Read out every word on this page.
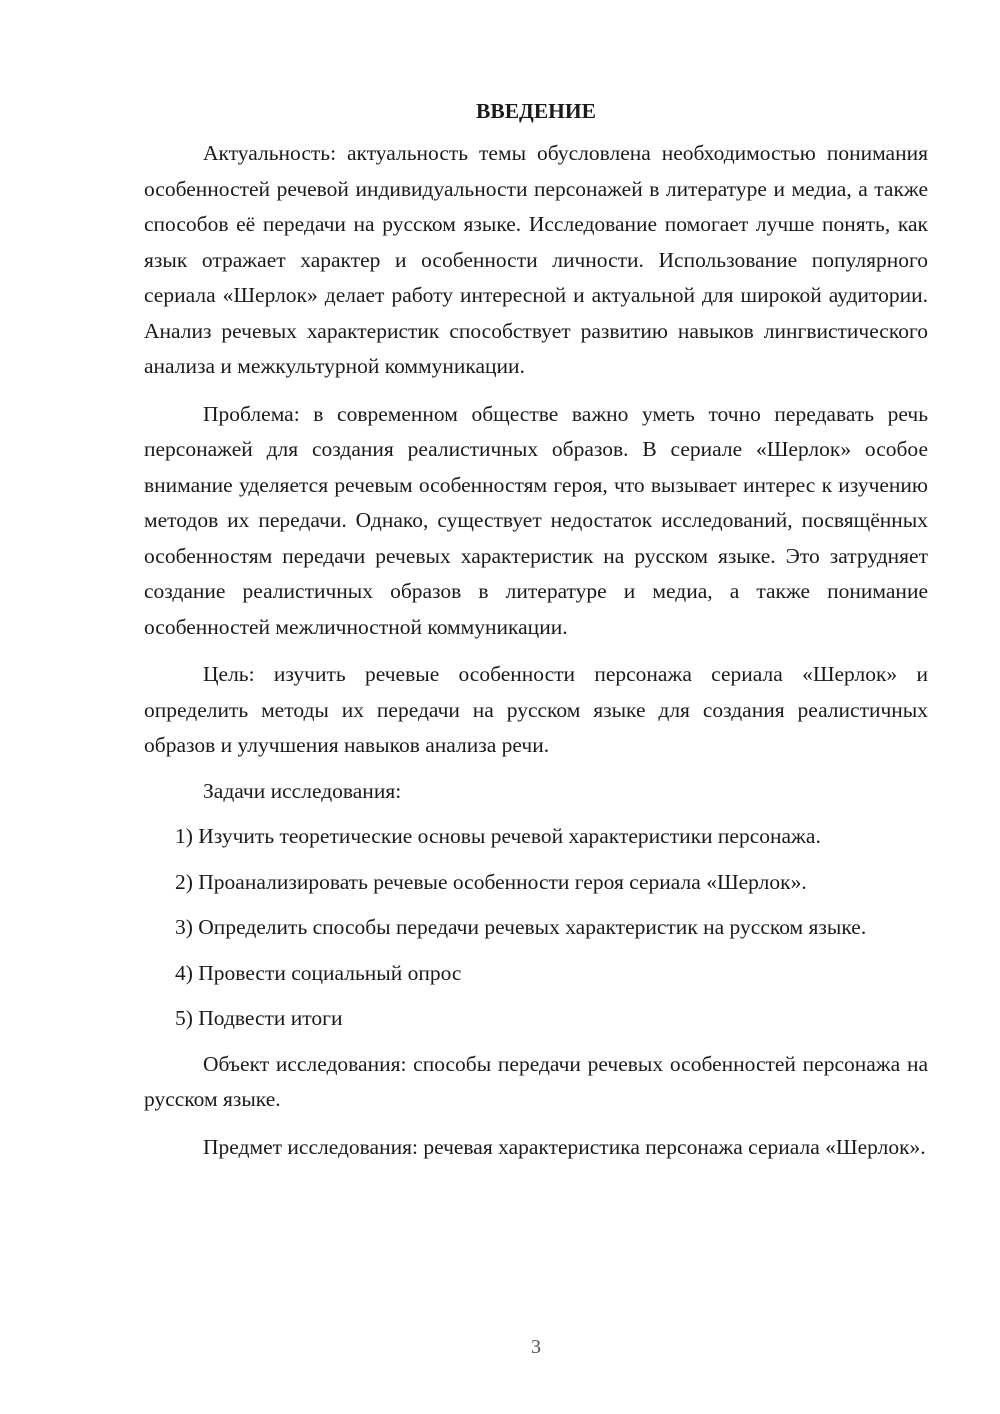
ВВЕДЕНИЕ

Актуальность: актуальность темы обусловлена необходимостью понимания особенностей речевой индивидуальности персонажей в литературе и медиа, а также способов её передачи на русском языке. Исследование помогает лучше понять, как язык отражает характер и особенности личности. Использование популярного сериала «Шерлок» делает работу интересной и актуальной для широкой аудитории. Анализ речевых характеристик способствует развитию навыков лингвистического анализа и межкультурной коммуникации.

Проблема: в современном обществе важно уметь точно передавать речь персонажей для создания реалистичных образов. В сериале «Шерлок» особое внимание уделяется речевым особенностям героя, что вызывает интерес к изучению методов их передачи. Однако, существует недостаток исследований, посвящённых особенностям передачи речевых характеристик на русском языке. Это затрудняет создание реалистичных образов в литературе и медиа, а также понимание особенностей межличностной коммуникации.

Цель: изучить речевые особенности персонажа сериала «Шерлок» и определить методы их передачи на русском языке для создания реалистичных образов и улучшения навыков анализа речи.

Задачи исследования:

1) Изучить теоретические основы речевой характеристики персонажа.

2) Проанализировать речевые особенности героя сериала «Шерлок».

3) Определить способы передачи речевых характеристик на русском языке.

4) Провести социальный опрос

5) Подвести итоги

Объект исследования: способы передачи речевых особенностей персонажа на русском языке.

Предмет исследования: речевая характеристика персонажа сериала «Шерлок».

3
